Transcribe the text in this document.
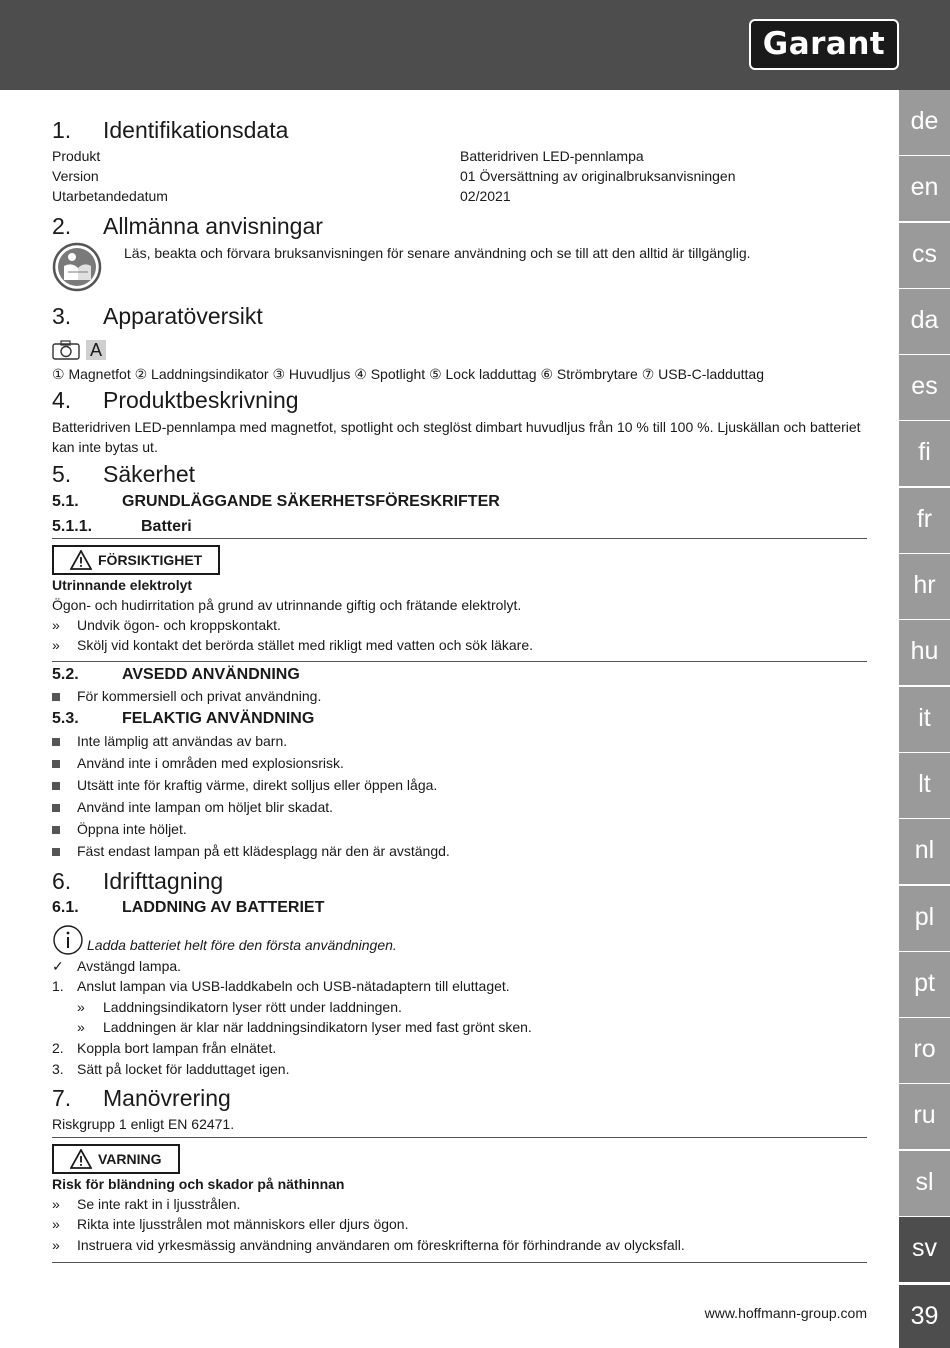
Garant
de
en
cs
da
es
fi
fr
hr
hu
it
lt
nl
pl
pt
ro
ru
sl
sv
39
1.	Identifikationsdata
Produkt	Batteridriven LED-pennlampa
Version	01 Översättning av originalbruksanvisningen
Utarbetandedatum	02/2021
2.	Allmänna anvisningar
Läs, beakta och förvara bruksanvisningen för senare användning och se till att den alltid är tillgänglig.
3.	Apparatöversikt
A
① Magnetfot ② Laddningsindikator ③ Huvudljus ④ Spotlight ⑤ Lock ladduttag ⑥ Strömbrytare ⑦ USB-C-ladduttag
4.	Produktbeskrivning
Batteridriven LED-pennlampa med magnetfot, spotlight och steglöst dimbart huvudljus från 10 % till 100 %. Ljuskällan och batteriet kan inte bytas ut.
5.	Säkerhet
5.1.	GRUNDLÄGGANDE SÄKERHETSFÖRESKRIFTER
5.1.1.	Batteri
FÖRSIKTIGHET
Utrinnande elektrolyt
Ögon- och hudirritation på grund av utrinnande giftig och frätande elektrolyt.
»	Undvik ögon- och kroppskontakt.
»	Skölj vid kontakt det berörda stället med rikligt med vatten och sök läkare.
5.2.	AVSEDD ANVÄNDNING
För kommersiell och privat användning.
5.3.	FELAKTIG ANVÄNDNING
Inte lämplig att användas av barn.
Använd inte i områden med explosionsrisk.
Utsätt inte för kraftig värme, direkt solljus eller öppen låga.
Använd inte lampan om höljet blir skadat.
Öppna inte höljet.
Fäst endast lampan på ett klädesplagg när den är avstängd.
6.	Idrifttagning
6.1.	LADDNING AV BATTERIET
Ladda batteriet helt före den första användningen.
✓ Avstängd lampa.
1. Anslut lampan via USB-laddkabeln och USB-nätadaptern till eluttaget.
»	Laddningsindikatorn lyser rött under laddningen.
»	Laddningen är klar när laddningsindikatorn lyser med fast grönt sken.
2. Koppla bort lampan från elnätet.
3. Sätt på locket för ladduttaget igen.
7.	Manövrering
Riskgrupp 1 enligt EN 62471.
VARNING
Risk för bländning och skador på näthinnan
»	Se inte rakt in i ljusstrålen.
»	Rikta inte ljusstrålen mot människors eller djurs ögon.
»	Instruera vid yrkesmässig användning användaren om föreskrifterna för förhindrande av olycksfall.
www.hoffmann-group.com
